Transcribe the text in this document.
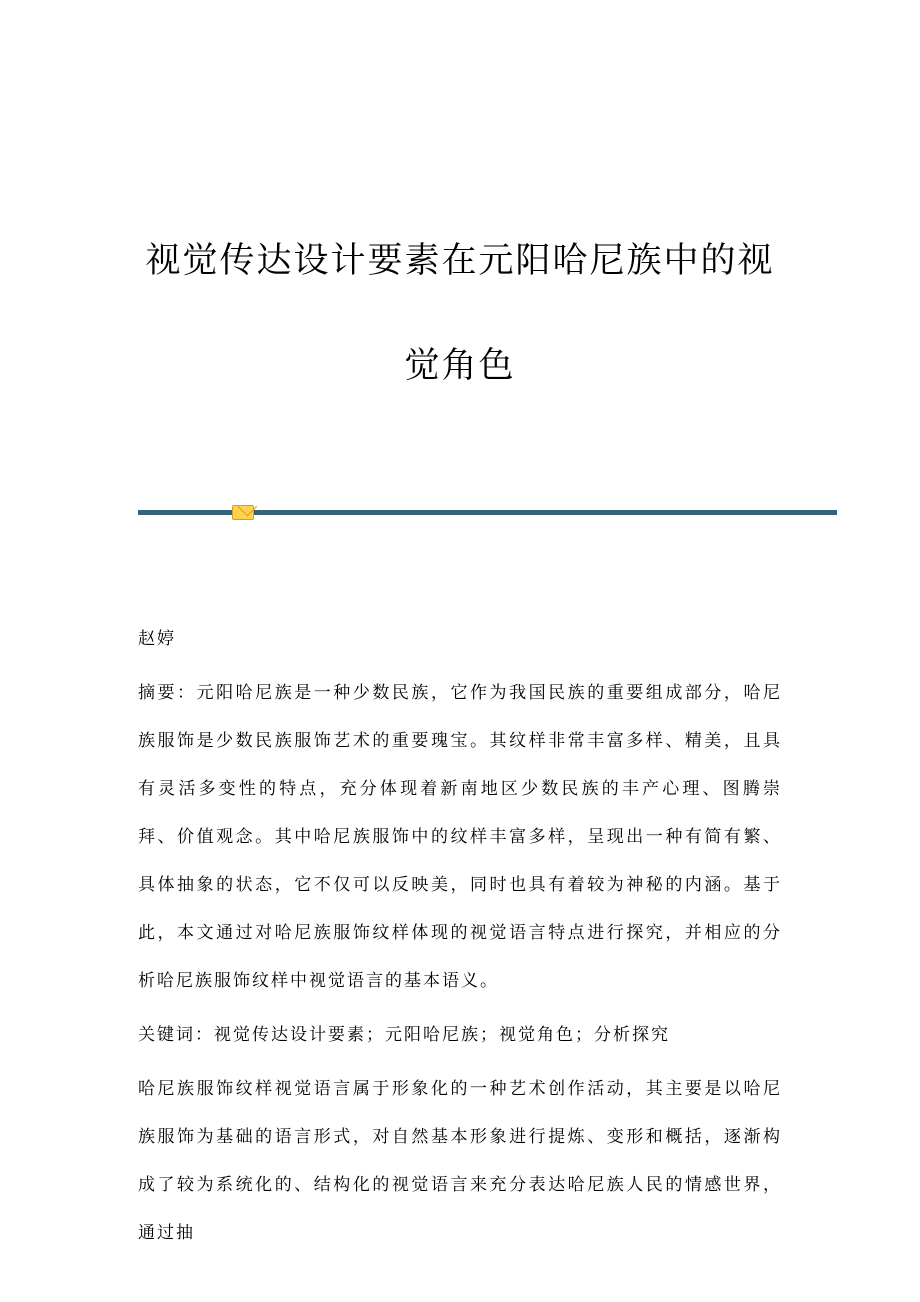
视觉传达设计要素在元阳哈尼族中的视
觉角色

赵婷

摘要：元阳哈尼族是一种少数民族，它作为我国民族的重要组成部分，哈尼族服饰是少数民族服饰艺术的重要瑰宝。其纹样非常丰富多样、精美，且具有灵活多变性的特点，充分体现着新南地区少数民族的丰产心理、图腾崇拜、价值观念。其中哈尼族服饰中的纹样丰富多样，呈现出一种有简有繁、具体抽象的状态，它不仅可以反映美，同时也具有着较为神秘的内涵。基于此，本文通过对哈尼族服饰纹样体现的视觉语言特点进行探究，并相应的分析哈尼族服饰纹样中视觉语言的基本语义。

关键词：视觉传达设计要素；元阳哈尼族；视觉角色；分析探究

哈尼族服饰纹样视觉语言属于形象化的一种艺术创作活动，其主要是以哈尼族服饰为基础的语言形式，对自然基本形象进行提炼、变形和概括，逐渐构成了较为系统化的、结构化的视觉语言来充分表达哈尼族人民的情感世界，通过抽
